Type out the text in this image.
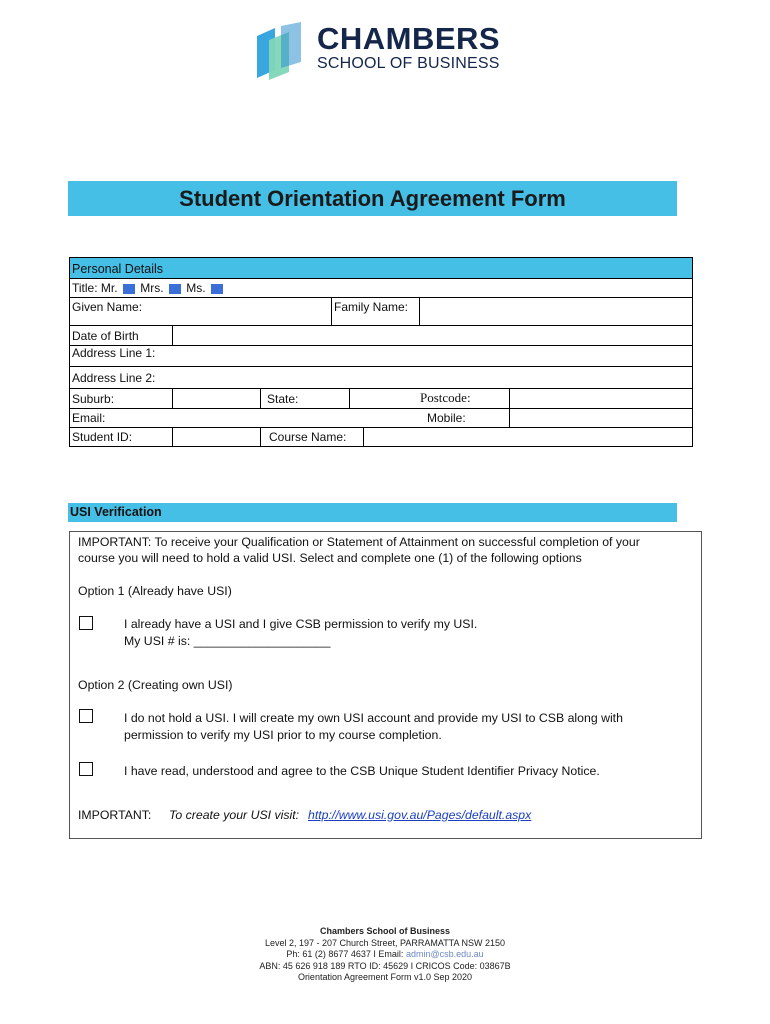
CHAMBERS
SCHOOL OF BUSINESS
Student Orientation Agreement Form
Personal Details
Title: Mr. Mrs. Ms.
Given Name:	Family Name:
Date of Birth
Address Line 1:
Address Line 2:
Suburb:	State:	Postcode:
Email:	Mobile:
Student ID:	Course Name:
USI Verification
IMPORTANT: To receive your Qualification or Statement of Attainment on successful completion of your
course you will need to hold a valid USI. Select and complete one (1) of the following options
Option 1 (Already have USI)
I already have a USI and I give CSB permission to verify my USI.
My USI # is: ____________________
Option 2 (Creating own USI)
I do not hold a USI. I will create my own USI account and provide my USI to CSB along with
permission to verify my USI prior to my course completion.
I have read, understood and agree to the CSB Unique Student Identifier Privacy Notice.
IMPORTANT: To create your USI visit: http://www.usi.gov.au/Pages/default.aspx
Chambers School of Business
Level 2, 197 - 207 Church Street, PARRAMATTA NSW 2150
Ph: 61 (2) 8677 4637 I Email: admin@csb.edu.au
ABN: 45 626 918 189 RTO ID: 45629 I CRICOS Code: 03867B
Orientation Agreement Form v1.0 Sep 2020
